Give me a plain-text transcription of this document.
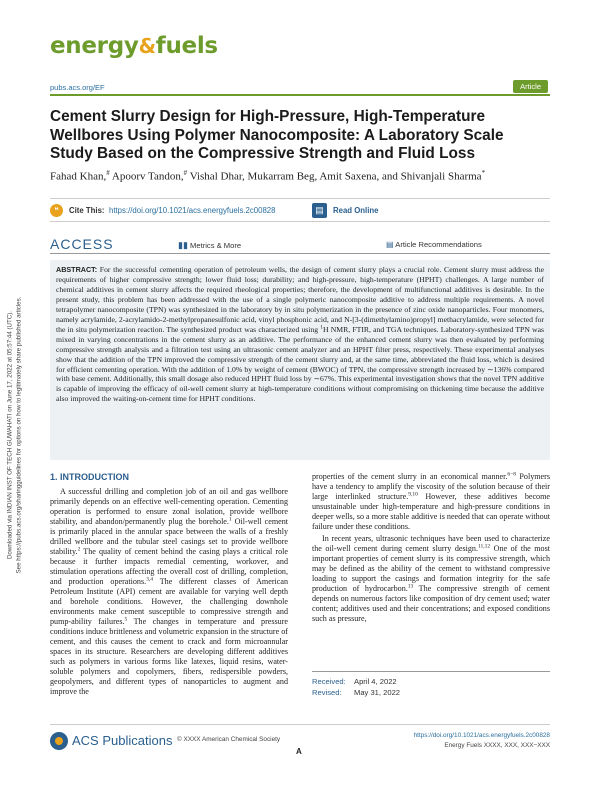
Downloaded via INDIAN INST OF TECH GUWAHATI on June 17, 2022 at 05:57:44 (UTC). See https://pubs.acs.org/sharingguidelines for options on how to legitimately share published articles.
energy&fuels
pubs.acs.org/EF	Article
Cement Slurry Design for High-Pressure, High-Temperature Wellbores Using Polymer Nanocomposite: A Laboratory Scale Study Based on the Compressive Strength and Fluid Loss
Fahad Khan,# Apoorv Tandon,# Vishal Dhar, Mukarram Beg, Amit Saxena, and Shivanjali Sharma*
❝	Cite This: https://doi.org/10.1021/acs.energyfuels.2c00828	▤	Read Online
ACCESS	▮▮ Metrics & More	▤ Article Recommendations

ABSTRACT: For the successful cementing operation of petroleum wells, the design of cement slurry plays a crucial role. Cement slurry must address the requirements of higher compressive strength; lower fluid loss; durability; and high-pressure, high-temperature (HPHT) challenges. A large number of chemical additives in cement slurry affects the required rheological properties; therefore, the development of multifunctional additives is desirable. In the present study, this problem has been addressed with the use of a single polymeric nanocomposite additive to address multiple requirements. A novel tetrapolymer nanocomposite (TPN) was synthesized in the laboratory by in situ polymerization in the presence of zinc oxide nanoparticles. Four monomers, namely acrylamide, 2-acrylamido-2-methylpropanesulfonic acid, vinyl phosphonic acid, and N-[3-(dimethylamino)propyl] methacrylamide, were selected for the in situ polymerization reaction. The synthesized product was characterized using $^1$H NMR, FTIR, and TGA techniques. Laboratory-synthesized TPN was mixed in varying concentrations in the cement slurry as an additive. The performance of the enhanced cement slurry was then evaluated by performing compressive strength analysis and a filtration test using an ultrasonic cement analyzer and an HPHT filter press, respectively. These experimental analyses show that the addition of the TPN improved the compressive strength of the cement slurry and, at the same time, abbreviated the fluid loss, which is desired for efficient cementing operation. With the addition of 1.0% by weight of cement (BWOC) of TPN, the compressive strength increased by ∼136% compared with base cement. Additionally, this small dosage also reduced HPHT fluid loss by ∼67%. This experimental investigation shows that the novel TPN additive is capable of improving the efficacy of oil-well cement slurry at high-temperature conditions without compromising on thickening time because the additive also improved the waiting-on-cement time for HPHT conditions.

1. INTRODUCTION

A successful drilling and completion job of an oil and gas wellbore primarily depends on an effective well-cementing operation. Cementing operation is performed to ensure zonal isolation, provide wellbore stability, and abandon/permanently plug the borehole.$^1$ Oil-well cement is primarily placed in the annular space between the walls of a freshly drilled wellbore and the tubular steel casings set to provide wellbore stability.$^2$ The quality of cement behind the casing plays a critical role because it further impacts remedial cementing, workover, and stimulation operations affecting the overall cost of drilling, completion, and production operations.$^{3,4}$ The different classes of American Petroleum Institute (API) cement are available for varying well depth and borehole conditions. However, the challenging downhole environments make cement susceptible to compressive strength and pump-ability failures.$^5$ The changes in temperature and pressure conditions induce brittleness and volumetric expansion in the structure of cement, and this causes the cement to crack and form microannular spaces in its structure. Researchers are developing different additives such as polymers in various forms like latexes, liquid resins, water-soluble polymers and copolymers, fibers, redispersible powders, geopolymers, and different types of nanoparticles to augment and improve the

properties of the cement slurry in an economical manner.$^{6-8}$ Polymers have a tendency to amplify the viscosity of the solution because of their large interlinked structure.$^{9,10}$ However, these additives become unsustainable under high-temperature and high-pressure conditions in deeper wells, so a more stable additive is needed that can operate without failure under these conditions.

In recent years, ultrasonic techniques have been used to characterize the oil-well cement during cement slurry design.$^{11,12}$ One of the most important properties of cement slurry is its compressive strength, which may be defined as the ability of the cement to withstand compressive loading to support the casings and formation integrity for the safe production of hydrocarbon.$^{13}$ The compressive strength of cement depends on numerous factors like composition of dry cement used; water content; additives used and their concentrations; and exposed conditions such as pressure,

Received: April 4, 2022
Revised: May 31, 2022
ACS Publications © XXXX American Chemical Society
A
https://doi.org/10.1021/acs.energyfuels.2c00828
Energy Fuels XXXX, XXX, XXX−XXX
